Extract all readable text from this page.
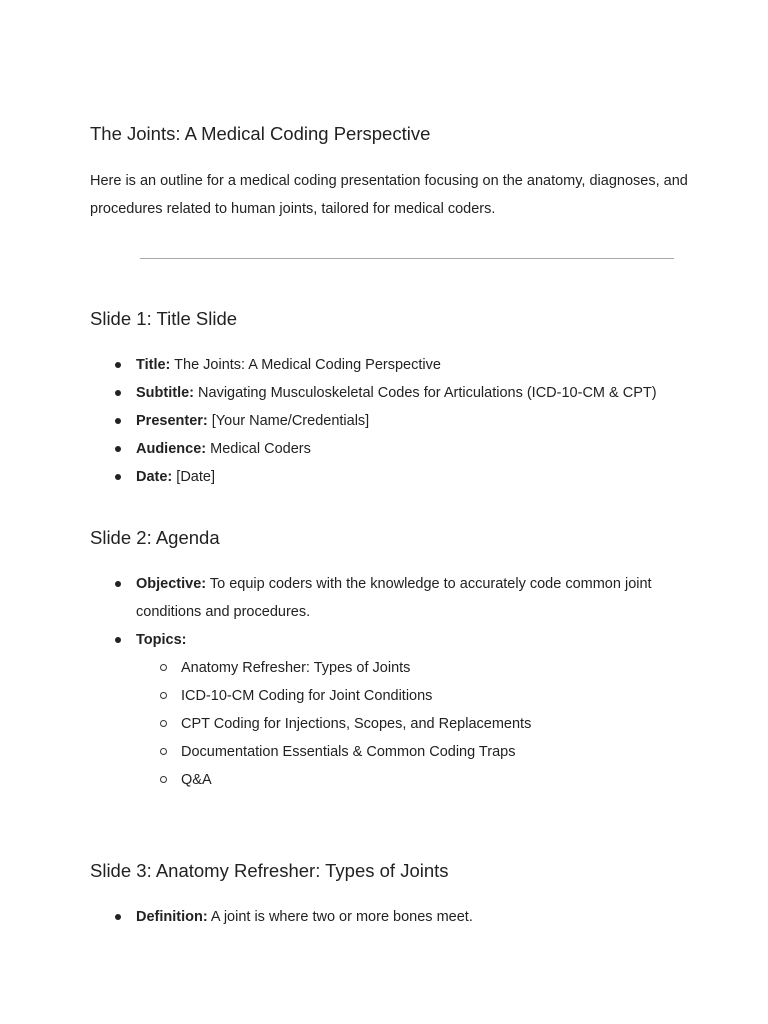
The Joints: A Medical Coding Perspective
Here is an outline for a medical coding presentation focusing on the anatomy, diagnoses, and procedures related to human joints, tailored for medical coders.
Slide 1: Title Slide
Title: The Joints: A Medical Coding Perspective
Subtitle: Navigating Musculoskeletal Codes for Articulations (ICD-10-CM & CPT)
Presenter: [Your Name/Credentials]
Audience: Medical Coders
Date: [Date]
Slide 2: Agenda
Objective: To equip coders with the knowledge to accurately code common joint conditions and procedures.
Topics:
Anatomy Refresher: Types of Joints
ICD-10-CM Coding for Joint Conditions
CPT Coding for Injections, Scopes, and Replacements
Documentation Essentials & Common Coding Traps
Q&A
Slide 3: Anatomy Refresher: Types of Joints
Definition: A joint is where two or more bones meet.
